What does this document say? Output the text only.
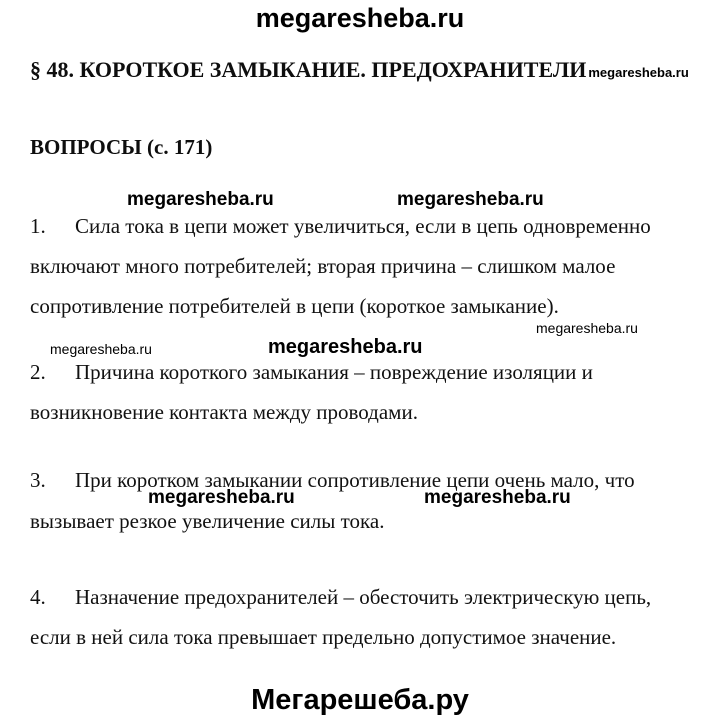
megaresheba.ru
§ 48. КОРОТКОЕ ЗАМЫКАНИЕ. ПРЕДОХРАНИТЕЛИ megaresheba.ru
ВОПРОСЫ (с. 171)
megaresheba.ru	megaresheba.ru
1. Сила тока в цепи может увеличиться, если в цепь одновременно
включают много потребителей; вторая причина – слишком малое
сопротивление потребителей в цепи (короткое замыкание).
megaresheba.ru
megaresheba.ru	megaresheba.ru
2. Причина короткого замыкания – повреждение изоляции и
возникновение контакта между проводами.
3. При коротком замыкании сопротивление цепи очень мало, что
megaresheba.ru	megaresheba.ru
вызывает резкое увеличение силы тока.
4. Назначение предохранителей – обесточить электрическую цепь,
если в ней сила тока превышает предельно допустимое значение.
Мегарешеба.ру
